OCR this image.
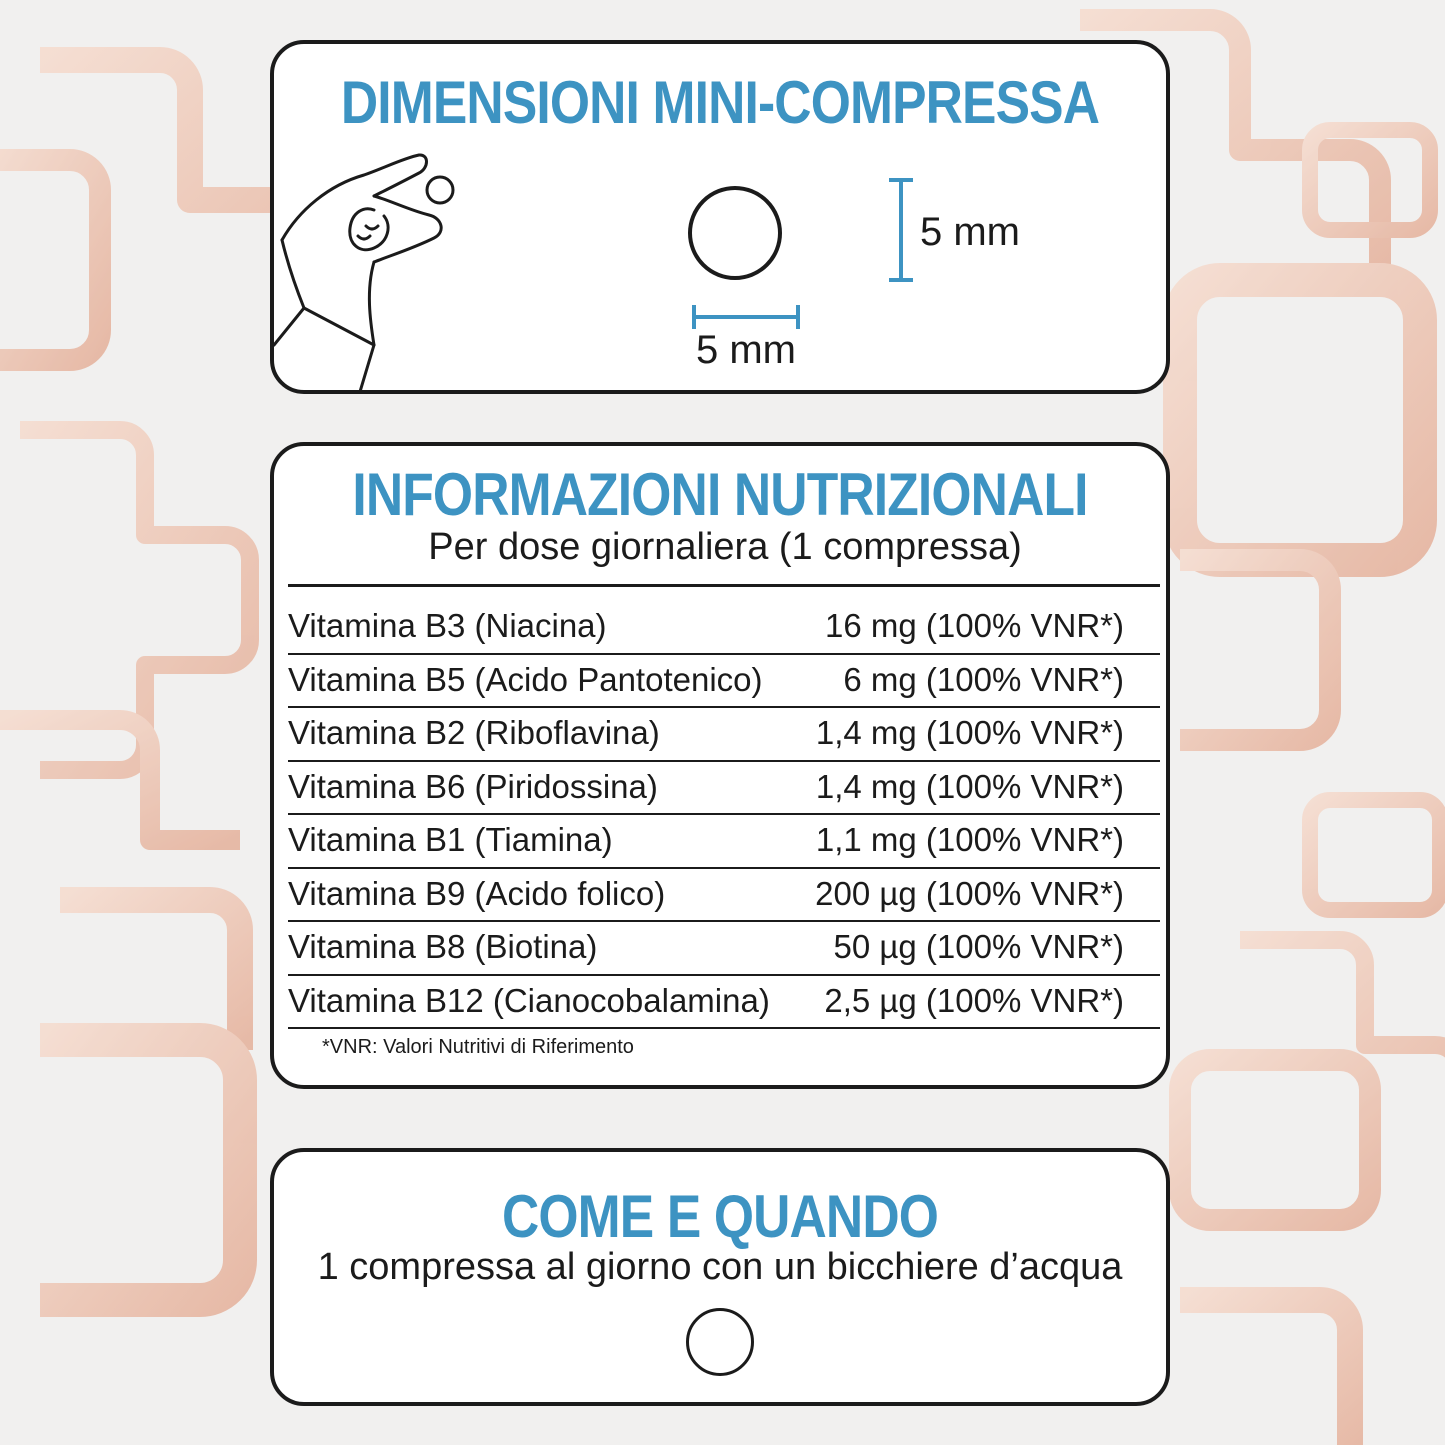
DIMENSIONI MINI-COMPRESSA
5 mm
5 mm
INFORMAZIONI NUTRIZIONALI
Per dose giornaliera (1 compressa)
Vitamina B3 (Niacina)	16 mg (100% VNR*)
Vitamina B5 (Acido Pantotenico) 6 mg (100% VNR*)
Vitamina B2 (Riboflavina)	1,4 mg (100% VNR*)
Vitamina B6 (Piridossina)	1,4 mg (100% VNR*)
Vitamina B1 (Tiamina)	1,1 mg (100% VNR*)
Vitamina B9 (Acido folico)	200 µg (100% VNR*)
Vitamina B8 (Biotina)	50 µg (100% VNR*)
Vitamina B12 (Cianocobalamina) 2,5 µg (100% VNR*)
*VNR: Valori Nutritivi di Riferimento
COME E QUANDO
1 compressa al giorno con un bicchiere d’acqua
